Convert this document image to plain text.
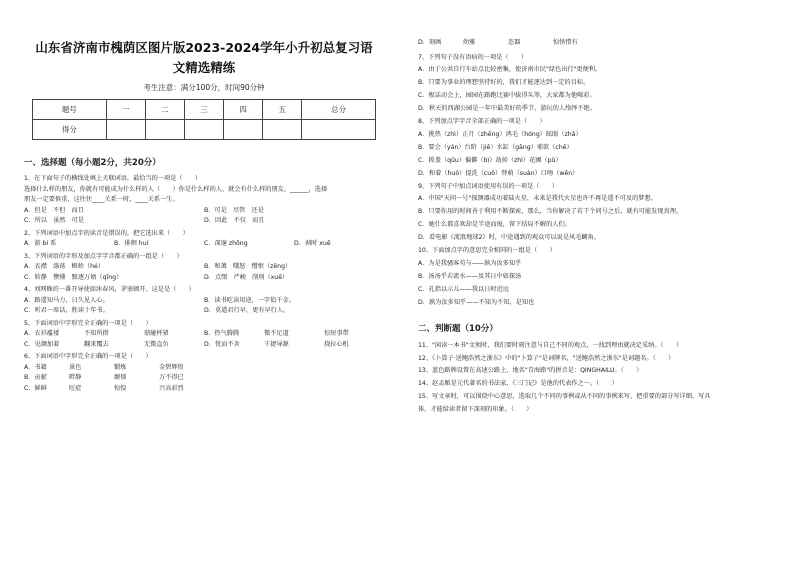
山东省济南市槐荫区图片版2023-2024学年小升初总复习语
文精选精练
考生注意：满分100分，时间90分钟
题号	一	二	三	四	五	总分
得分						
一、选择题（每小题2分，共20分）
1、在下面句子的横线处填上关联词语，最恰当的一项是（　　）
选择什么样的朋友，你就有可能成为什么样的人（　　）你是什么样的人，就会有什么样的朋友。______，选择
朋友一定要慎重，这往往____关系一时，____关系一生。
A．但是　不但　而且	B．可是　尽管　还是
C．所以　虽然　可是	D．因此　不仅　而且
2、下列词语中加点字的读音是错误的，把它选出来（　　）
A．游 bi 系	B．徘徊 huí	C．深邃 zhōng	D．刹时 xuē
3、下列词语的字形及加点字字音都正确的一组是（　　）
A．衣襟　涤荡　螟蛉（hé）	B．和蔼　哦怒　憎恨（zēng）
C．转静　懊懂　黯逐万顷（qīng）	D．点缀　严峻　削刑（xuē）
4、刘网蛛的一番开导使如沐春风，茅塞顿开。这是是（　　）
A．路遥知马力，日久见人心。	B．读书吃读用途，一字值千金。
C．听君一席话，胜读十年书。	D．莫道君行早，更有早行人。
5、下面词语中字形完全正确的一项是（　　）
A．衣衫褴褛	不知所措	鼎碰杯猪	B．热气腾腾	微不足道	惊短事带
C．见颜加着	翻来覆去	无微直负	D．恍而不舍	干捷导源	挠拉心机
6、下面词语中字形完全正确的一项是（　　）
A．书籍	景色	锻炼	金碧辉煌
B．贡献	畔静	颠郁	万不得已
C．鲜鲜	旺症	惊惶	兴高彩烈
D．刻画	幼雅	恣器	惊怪惜有
7、下列句子没有语病的一项是（　　）
A．由于公共自行车站点比较密集，使济南市民"绿色出行"更便利。
B．只要为事业的理想坚持好的，我们才能逐达到一定的目标。
C．极话动会上，园园在路跑比赛中拔得头筹，大家都为他喝彩。
D．秋天的西湖公园是一年中最美好的季节，游玩的人络绎不绝。
8、下列加点字字音全部正确的一项是（　　）
A．挑热（zhì）正月（zhēng）鸿毛（hóng）眩眼（zhǎ）
B．要会（yán）台阶（jiē）水缸（gāng）邪欲（chē）
C．拨盖（qǔu）偏僻（bì）劫掉（zhì）花圃（pǔ）
D．和着（huò）提洗（cuō）替萌（suàn）口吻（wěn）
9、下列句子中加点词语使用有误的一项是（　　）
A．中国"天问一号"探测器成功着陆火星，未来是我代火星也许不再是遥不可及的梦想。
B．只要你用的时间善于利用不断探索，那么，当你解决了若干个问号之后，就有可能发现真理。
C．她什么都喜欢却是半途而废，留下结局不解的人们。
D．看电影《流浪地球2》时，中途遇到的观众可以说是风毛麟角。
10、下面加点字的意思完全相同的一组是（　　）
A．为是我骚客苟与——孰为汝多知乎
B．汤汤乎若流水——及其日中如探汤
C．孔指以示儿——我以日时近远
D．孰为汝多知乎——不知为不知，是知也
二、判断题（10分）
11、"闲读一本书"文须时，我们要时刻注意与自己不同的观点，一找到理由就决定采纳。（　　）
12、《卜算子·送鲍浩然之浙东》中的"卜算子"是词牌名，"送鲍浩然之浙东"是词题名。（　　）
13、蓝色路牌设置在高速公路上，地名"青海路"的拼音是：QINGHAILU。（　　）
14、赵孟頫是元代著名的书法家，《三门记》是他的代表作之一。（　　）
15、写文章时，可以围绕中心意思，选取几个不同的事例或从不同的事例来写，把重要的部分写详细、写具
体，才能给读者留下深刻的印象。（　　）
